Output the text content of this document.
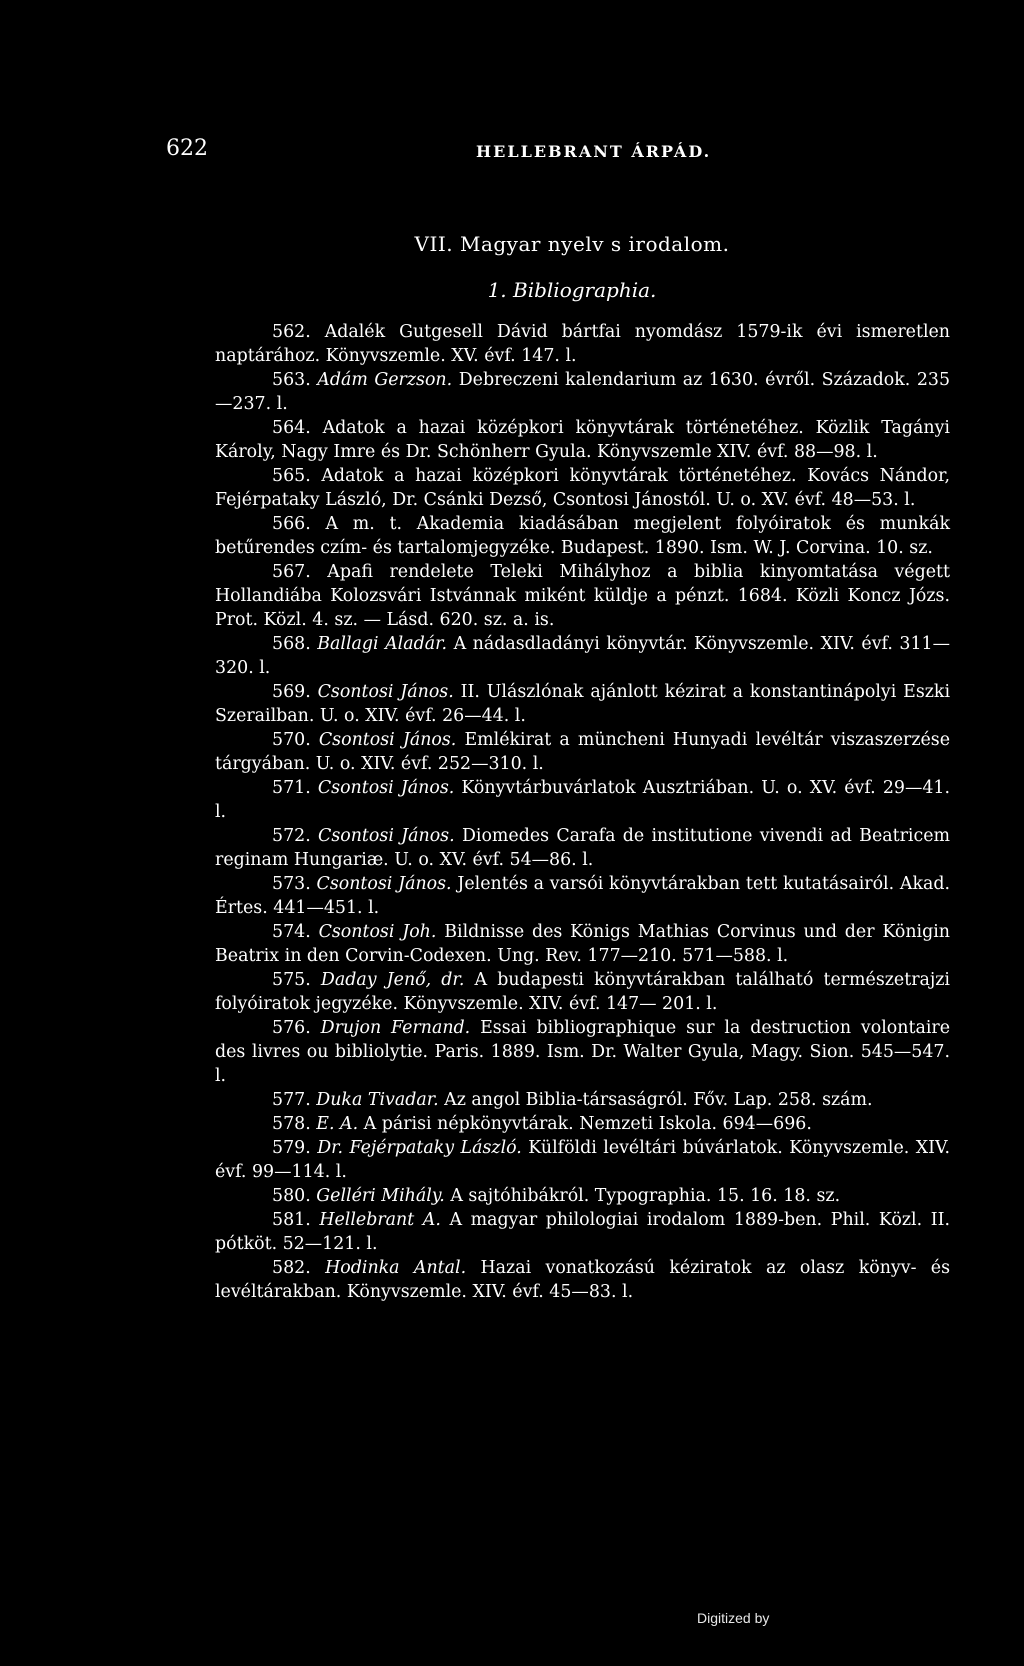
622	HELLEBRANT ÁRPÁD.
VII. Magyar nyelv s irodalom.
1. Bibliographia.
562. Adalék Gutgesell Dávid bártfai nyomdász 1579-ik évi ismeretlen naptárához. Könyvszemle. XV. évf. 147. l.
563. Adám Gerzson. Debreczeni kalendarium az 1630. évről. Századok. 235—237. l.
564. Adatok a hazai középkori könyvtárak történetéhez. Közlik Tagányi Károly, Nagy Imre és Dr. Schönherr Gyula. Könyvszemle XIV. évf. 88—98. l.
565. Adatok a hazai középkori könyvtárak történetéhez. Kovács Nándor, Fejérpataky László, Dr. Csánki Dezső, Csontosi Jánostól. U. o. XV. évf. 48—53. l.
566. A m. t. Akademia kiadásában megjelent folyóiratok és munkák betűrendes czím- és tartalomjegyzéke. Budapest. 1890. Ism. W. J. Corvina. 10. sz.
567. Apafi rendelete Teleki Mihályhoz a biblia kinyomtatása végett Hollandiába Kolozsvári Istvánnak miként küldje a pénzt. 1684. Közli Koncz Józs. Prot. Közl. 4. sz. — Lásd. 620. sz. a. is.
568. Ballagi Aladár. A nádasdladányi könyvtár. Könyvszemle. XIV. évf. 311—320. l.
569. Csontosi János. II. Ulászlónak ajánlott kézirat a konstantinápolyi Eszki Szerailban. U. o. XIV. évf. 26—44. l.
570. Csontosi János. Emlékirat a müncheni Hunyadi levéltár viszaszerzése tárgyában. U. o. XIV. évf. 252—310. l.
571. Csontosi János. Könyvtárbuvárlatok Ausztriában. U. o. XV. évf. 29—41. l.
572. Csontosi János. Diomedes Carafa de institutione vivendi ad Beatricem reginam Hungariæ. U. o. XV. évf. 54—86. l.
573. Csontosi János. Jelentés a varsói könyvtárakban tett kutatásairól. Akad. Értes. 441—451. l.
574. Csontosi Joh. Bildnisse des Königs Mathias Corvinus und der Königin Beatrix in den Corvin-Codexen. Ung. Rev. 177—210. 571—588. l.
575. Daday Jenő, dr. A budapesti könyvtárakban található természetrajzi folyóiratok jegyzéke. Könyvszemle. XIV. évf. 147— 201. l.
576. Drujon Fernand. Essai bibliographique sur la destruction volontaire des livres ou bibliolytie. Paris. 1889. Ism. Dr. Walter Gyula, Magy. Sion. 545—547. l.
577. Duka Tivadar. Az angol Biblia-társaságról. Főv. Lap. 258. szám.
578. E. A. A párisi népkönyvtárak. Nemzeti Iskola. 694—696.
579. Dr. Fejérpataky László. Külföldi levéltári búvárlatok. Könyvszemle. XIV. évf. 99—114. l.
580. Gelléri Mihály. A sajtóhibákról. Typographia. 15. 16. 18. sz.
581. Hellebrant A. A magyar philologiai irodalom 1889-ben. Phil. Közl. II. pótköt. 52—121. l.
582. Hodinka Antal. Hazai vonatkozású kéziratok az olasz könyv- és levéltárakban. Könyvszemle. XIV. évf. 45—83. l.
Digitized by
